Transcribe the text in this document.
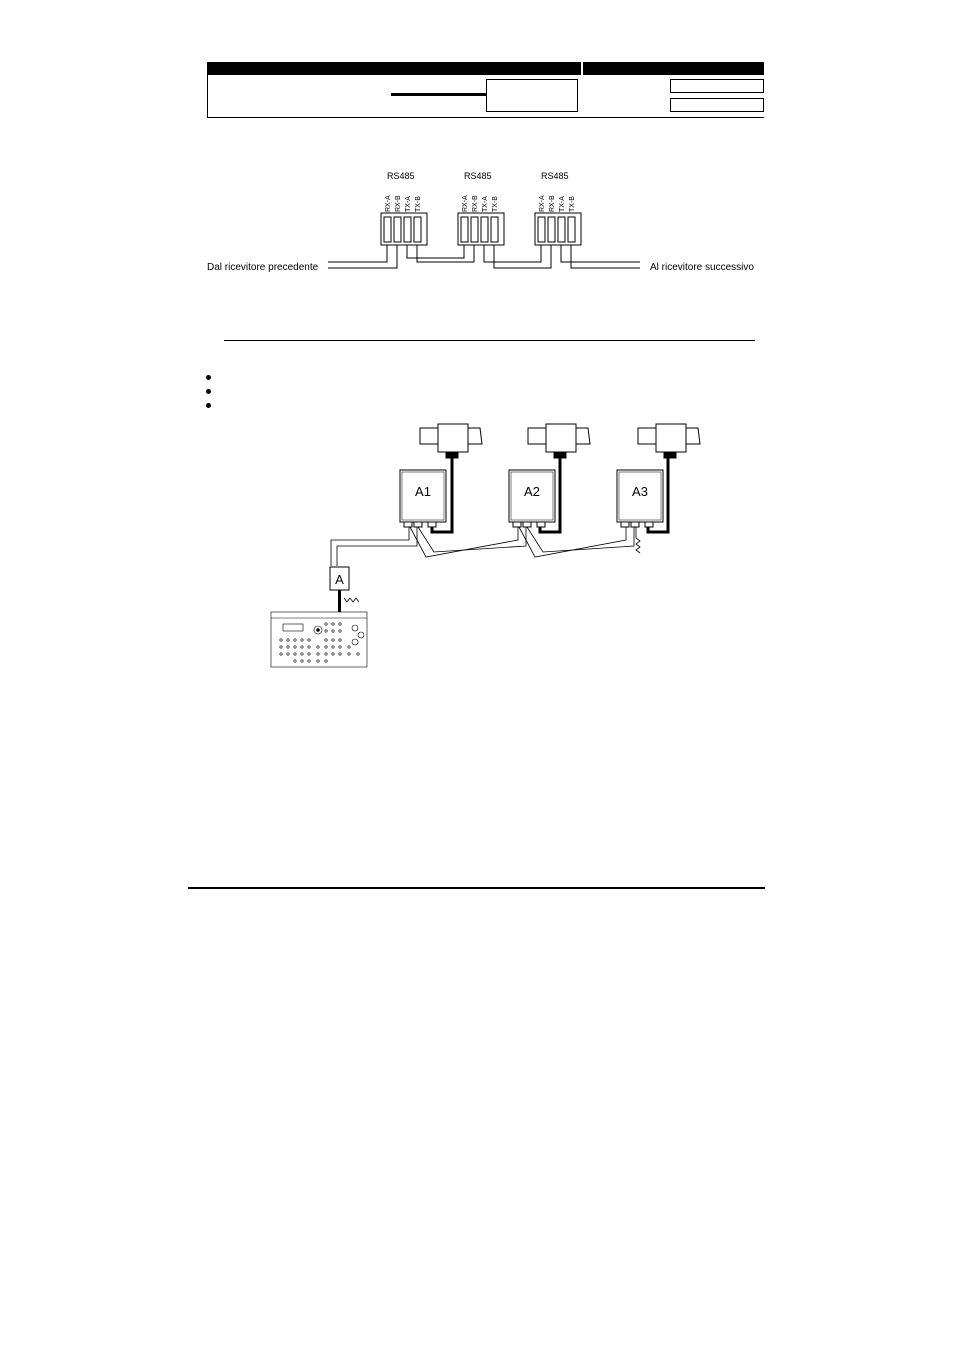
RS485
RX-A RX-B TX-A TX-B
RS485
RX-A RX-B TX-A TX-B
RS485
RX-A RX-B TX-A TX-B
Dal ricevitore precedente	Al ricevitore successivo
A1	A2	A3
A
